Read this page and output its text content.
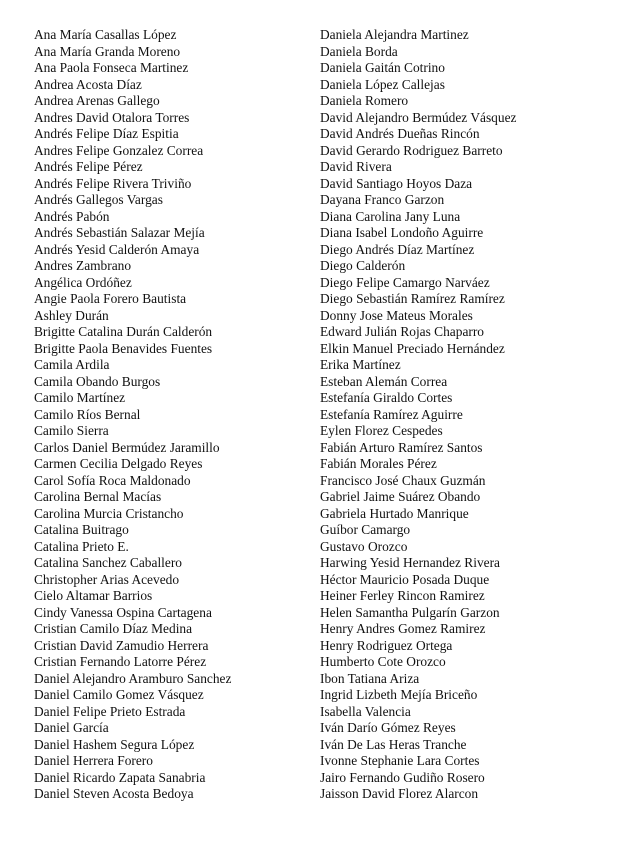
Ana María Casallas López
Ana María Granda Moreno
Ana Paola Fonseca Martinez
Andrea Acosta Díaz
Andrea Arenas Gallego
Andres David Otalora Torres
Andrés Felipe Díaz Espitia
Andres Felipe Gonzalez Correa
Andrés Felipe Pérez
Andrés Felipe Rivera Triviño
Andrés Gallegos Vargas
Andrés Pabón
Andrés Sebastián Salazar Mejía
Andrés Yesid Calderón Amaya
Andres Zambrano
Angélica Ordóñez
Angie Paola Forero Bautista
Ashley Durán
Brigitte Catalina Durán Calderón
Brigitte Paola Benavides Fuentes
Camila Ardila
Camila Obando Burgos
Camilo Martínez
Camilo Ríos Bernal
Camilo Sierra
Carlos Daniel Bermúdez Jaramillo
Carmen Cecilia Delgado Reyes
Carol Sofía Roca Maldonado
Carolina Bernal Macías
Carolina Murcia Cristancho
Catalina Buitrago
Catalina Prieto E.
Catalina Sanchez Caballero
Christopher Arias Acevedo
Cielo Altamar Barrios
Cindy Vanessa Ospina Cartagena
Cristian Camilo Díaz Medina
Cristian David Zamudio Herrera
Cristian Fernando Latorre Pérez
Daniel Alejandro Aramburo Sanchez
Daniel Camilo Gomez Vásquez
Daniel Felipe Prieto Estrada
Daniel García
Daniel Hashem Segura López
Daniel Herrera Forero
Daniel Ricardo Zapata Sanabria
Daniel Steven Acosta Bedoya
Daniela Alejandra Martinez
Daniela Borda
Daniela Gaitán Cotrino
Daniela López Callejas
Daniela Romero
David Alejandro Bermúdez Vásquez
David Andrés Dueñas Rincón
David Gerardo Rodriguez Barreto
David Rivera
David Santiago Hoyos Daza
Dayana Franco Garzon
Diana Carolina Jany Luna
Diana Isabel Londoño Aguirre
Diego Andrés Díaz Martínez
Diego Calderón
Diego Felipe Camargo Narváez
Diego Sebastián Ramírez Ramírez
Donny Jose Mateus Morales
Edward Julián Rojas Chaparro
Elkin Manuel Preciado Hernández
Erika Martínez
Esteban Alemán Correa
Estefanía Giraldo Cortes
Estefanía Ramírez Aguirre
Eylen Florez Cespedes
Fabián Arturo Ramírez Santos
Fabián Morales Pérez
Francisco José Chaux Guzmán
Gabriel Jaime Suárez Obando
Gabriela Hurtado Manrique
Guíbor Camargo
Gustavo Orozco
Harwing Yesid Hernandez Rivera
Héctor Mauricio Posada Duque
Heiner Ferley Rincon Ramirez
Helen Samantha Pulgarín Garzon
Henry Andres Gomez Ramirez
Henry Rodriguez Ortega
Humberto Cote Orozco
Ibon Tatiana Ariza
Ingrid Lizbeth Mejía Briceño
Isabella Valencia
Iván Darío Gómez Reyes
Iván De Las Heras Tranche
Ivonne Stephanie Lara Cortes
Jairo Fernando Gudiño Rosero
Jaisson David Florez Alarcon
